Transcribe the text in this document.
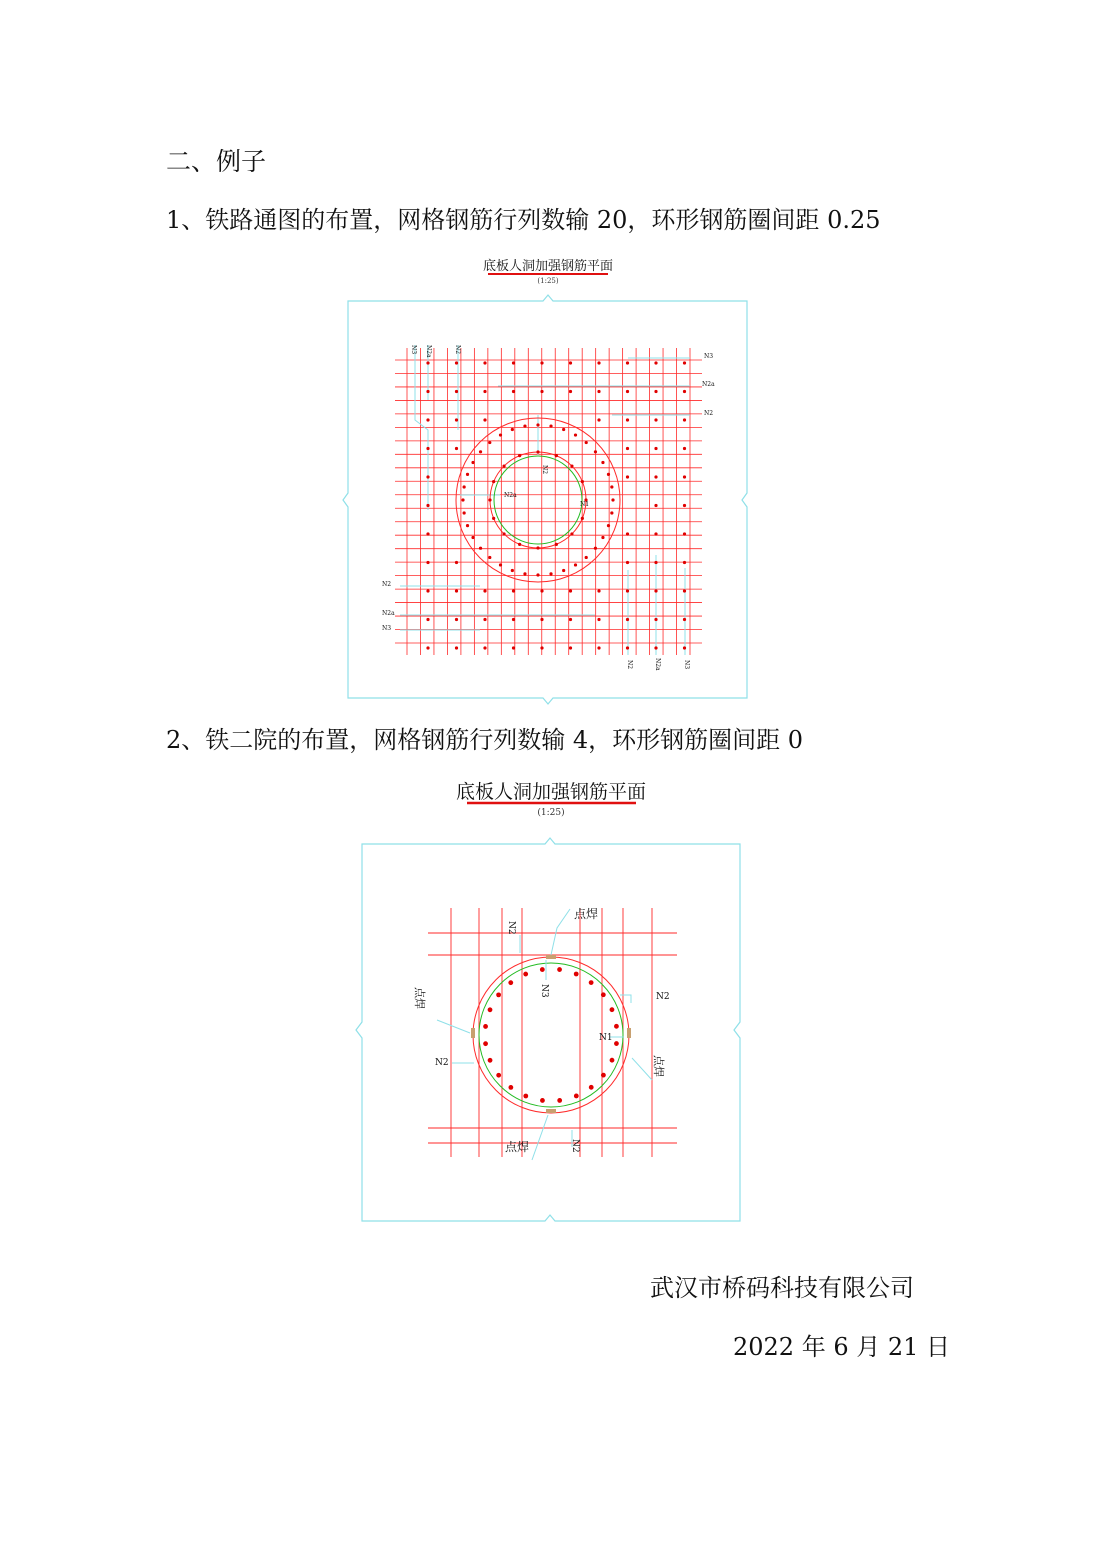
二、例子
1、铁路通图的布置，网格钢筋行列数输 20，环形钢筋圈间距 0.25
底板人洞加强钢筋平面
(1:25)
N3 N2a	N2
N3
N2a
N2
N2
N2a
N3
N2	N2a	N3
N2
N2a
N1
2、铁二院的布置，网格钢筋行列数输 4，环形钢筋圈间距 0
底板人洞加强钢筋平面
(1:25)
点焊
N2
N3	N2
点焊
N1
N2	点焊
点焊	N2
武汉市桥码科技有限公司
2022 年 6 月 21 日
